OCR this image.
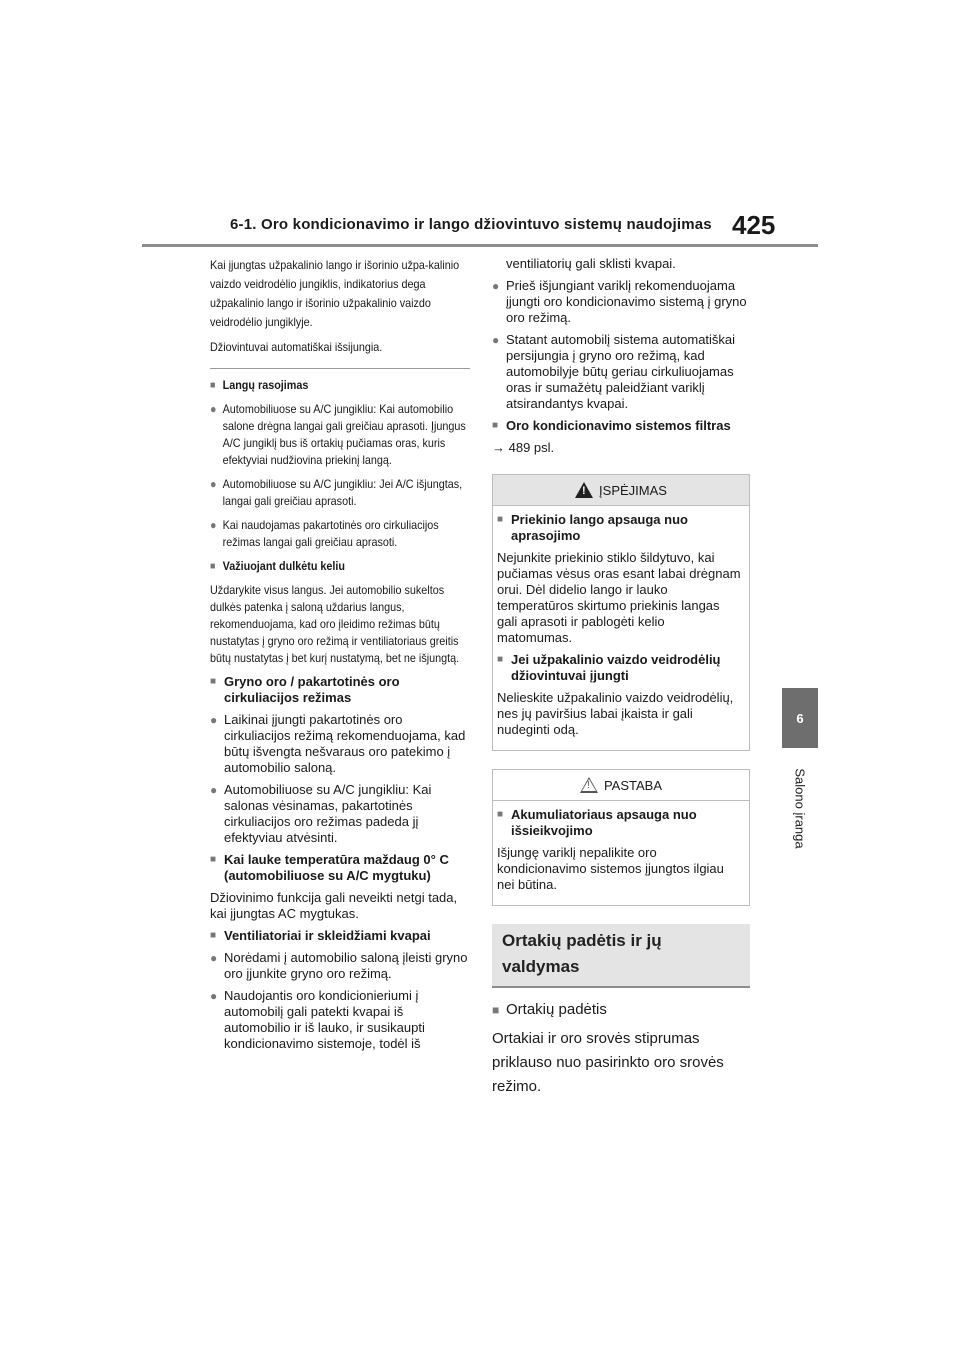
6-1. Oro kondicionavimo ir lango džiovintuvo sistemų naudojimas 425
6
Salono įranga

Kai įjungtas užpakalinio lango ir išorinio užpa-kalinio vaizdo veidrodėlio jungiklis, indikatorius dega užpakalinio lango ir išorinio užpakalinio vaizdo veidrodėlio jungiklyje.

Džiovintuvai automatiškai išsijungia.

■ Langų rasojimas

● Automobiliuose su A/C jungikliu: Kai automobilio salone drėgna langai gali greičiau aprasoti. Įjungus A/C jungiklį bus iš ortakių pučiamas oras, kuris efektyviai nudžiovina priekinį langą.

● Automobiliuose su A/C jungikliu: Jei A/C išjungtas, langai gali greičiau aprasoti.

● Kai naudojamas pakartotinės oro cirkuliacijos režimas langai gali greičiau aprasoti.

■ Važiuojant dulkėtu keliu

Uždarykite visus langus. Jei automobilio sukeltos dulkės patenka į saloną uždarius langus, rekomenduojama, kad oro įleidimo režimas būtų nustatytas į gryno oro režimą ir ventiliatoriaus greitis būtų nustatytas į bet kurį nustatymą, bet ne išjungtą.

■ Gryno oro / pakartotinės oro cirkuliacijos režimas

● Laikinai įjungti pakartotinės oro cirkuliacijos režimą rekomenduojama, kad būtų išvengta nešvaraus oro patekimo į automobilio saloną.

● Automobiliuose su A/C jungikliu: Kai salonas vėsinamas, pakartotinės cirkuliacijos oro režimas padeda jį efektyviau atvėsinti.

■ Kai lauke temperatūra maždaug 0° C (automobiliuose su A/C mygtuku)

Džiovinimo funkcija gali neveikti netgi tada, kai įjungtas AC mygtukas.

■ Ventiliatoriai ir skleidžiami kvapai

● Norėdami į automobilio saloną įleisti gryno oro įjunkite gryno oro režimą.

● Naudojantis oro kondicionieriumi į automobilį gali patekti kvapai iš automobilio ir iš lauko, ir susikaupti kondicionavimo sistemoje, todėl iš

ventiliatorių gali sklisti kvapai.

● Prieš išjungiant variklį rekomenduojama įjungti oro kondicionavimo sistemą į gryno oro režimą.

● Statant automobilį sistema automatiškai persijungia į gryno oro režimą, kad automobilyje būtų geriau cirkuliuojamas oras ir sumažėtų paleidžiant variklį atsirandantys kvapai.

■ Oro kondicionavimo sistemos filtras

→ 489 psl.

!
ĮSPĖJIMAS

■ Priekinio lango apsauga nuo aprasojimo

Nejunkite priekinio stiklo šildytuvo, kai pučiamas vėsus oras esant labai drėgnam orui. Dėl didelio lango ir lauko temperatūros skirtumo priekinis langas gali aprasoti ir pablogėti kelio matomumas.

■ Jei užpakalinio vaizdo veidrodėlių džiovintuvai įjungti

Nelieskite užpakalinio vaizdo veidrodėlių, nes jų paviršius labai įkaista ir gali nudeginti odą.

!
PASTABA

■ Akumuliatoriaus apsauga nuo išsieikvojimo

Išjungę variklį nepalikite oro kondicionavimo sistemos įjungtos ilgiau nei būtina.

Ortakių padėtis ir jų valdymas

■ Ortakių padėtis

Ortakiai ir oro srovės stiprumas priklauso nuo pasirinkto oro srovės režimo.
